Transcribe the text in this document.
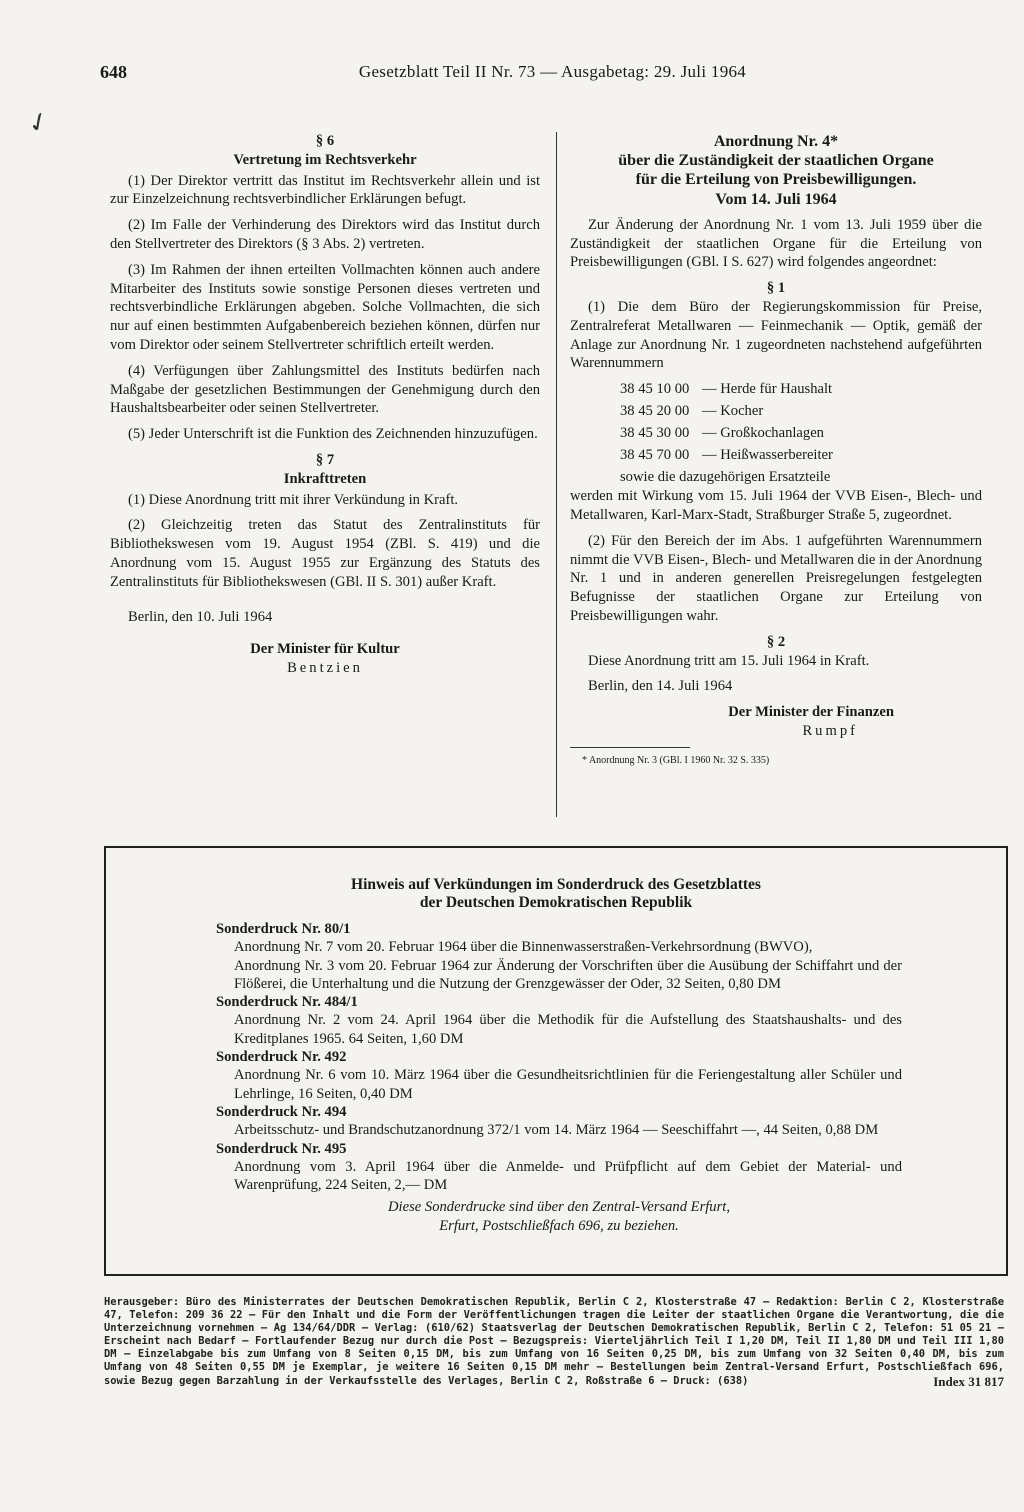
648	Gesetzblatt Teil II Nr. 73 — Ausgabetag: 29. Juli 1964
✓

§ 6

Vertretung im Rechtsverkehr

(1) Der Direktor vertritt das Institut im Rechtsverkehr allein und ist zur Einzelzeichnung rechtsverbindlicher Erklärungen befugt.

(2) Im Falle der Verhinderung des Direktors wird das Institut durch den Stellvertreter des Direktors (§ 3 Abs. 2) vertreten.

(3) Im Rahmen der ihnen erteilten Vollmachten können auch andere Mitarbeiter des Instituts sowie sonstige Personen dieses vertreten und rechtsverbindliche Erklärungen abgeben. Solche Vollmachten, die sich nur auf einen bestimmten Aufgabenbereich beziehen können, dürfen nur vom Direktor oder seinem Stellvertreter schriftlich erteilt werden.

(4) Verfügungen über Zahlungsmittel des Instituts bedürfen nach Maßgabe der gesetzlichen Bestimmungen der Genehmigung durch den Haushaltsbearbeiter oder seinen Stellvertreter.

(5) Jeder Unterschrift ist die Funktion des Zeichnenden hinzuzufügen.

§ 7

Inkrafttreten

(1) Diese Anordnung tritt mit ihrer Verkündung in Kraft.

(2) Gleichzeitig treten das Statut des Zentralinstituts für Bibliothekswesen vom 19. August 1954 (ZBl. S. 419) und die Anordnung vom 15. August 1955 zur Ergänzung des Statuts des Zentralinstituts für Bibliothekswesen (GBl. II S. 301) außer Kraft.

Berlin, den 10. Juli 1964

Der Minister für Kultur

Bentzien

Anordnung Nr. 4*

über die Zuständigkeit der staatlichen Organe

für die Erteilung von Preisbewilligungen.

Vom 14. Juli 1964

Zur Änderung der Anordnung Nr. 1 vom 13. Juli 1959 über die Zuständigkeit der staatlichen Organe für die Erteilung von Preisbewilligungen (GBl. I S. 627) wird folgendes angeordnet:

§ 1

(1) Die dem Büro der Regierungskommission für Preise, Zentralreferat Metallwaren — Feinmechanik — Optik, gemäß der Anlage zur Anordnung Nr. 1 zugeordneten nachstehend aufgeführten Warennummern

38 45 10 00 — Herde für Haushalt
38 45 20 00 — Kocher
38 45 30 00 — Großkochanlagen
38 45 70 00 — Heißwasserbereiter

sowie die dazugehörigen Ersatzteile

werden mit Wirkung vom 15. Juli 1964 der VVB Eisen-, Blech- und Metallwaren, Karl-Marx-Stadt, Straßburger Straße 5, zugeordnet.

(2) Für den Bereich der im Abs. 1 aufgeführten Warennummern nimmt die VVB Eisen-, Blech- und Metallwaren die in der Anordnung Nr. 1 und in anderen generellen Preisregelungen festgelegten Befugnisse der staatlichen Organe zur Erteilung von Preisbewilligungen wahr.

§ 2

Diese Anordnung tritt am 15. Juli 1964 in Kraft.

Berlin, den 14. Juli 1964

Der Minister der Finanzen

Rumpf

* Anordnung Nr. 3 (GBl. I 1960 Nr. 32 S. 335)

Hinweis auf Verkündungen im Sonderdruck des Gesetzblattes
der Deutschen Demokratischen Republik

Sonderdruck Nr. 80/1

Anordnung Nr. 7 vom 20. Februar 1964 über die Binnenwasserstraßen-Verkehrsordnung (BWVO),

Anordnung Nr. 3 vom 20. Februar 1964 zur Änderung der Vorschriften über die Ausübung der Schiffahrt und der Flößerei, die Unterhaltung und die Nutzung der Grenzgewässer der Oder, 32 Seiten, 0,80 DM

Sonderdruck Nr. 484/1

Anordnung Nr. 2 vom 24. April 1964 über die Methodik für die Aufstellung des Staatshaushalts- und des Kreditplanes 1965. 64 Seiten, 1,60 DM

Sonderdruck Nr. 492

Anordnung Nr. 6 vom 10. März 1964 über die Gesundheitsrichtlinien für die Feriengestaltung aller Schüler und Lehrlinge, 16 Seiten, 0,40 DM

Sonderdruck Nr. 494

Arbeitsschutz- und Brandschutzanordnung 372/1 vom 14. März 1964 — Seeschiffahrt —, 44 Seiten, 0,88 DM

Sonderdruck Nr. 495

Anordnung vom 3. April 1964 über die Anmelde- und Prüfpflicht auf dem Gebiet der Material- und Warenprüfung, 224 Seiten, 2,— DM

Diese Sonderdrucke sind über den Zentral-Versand Erfurt,
Erfurt, Postschließfach 696, zu beziehen.
Herausgeber: Büro des Ministerrates der Deutschen Demokratischen Republik, Berlin C 2, Klosterstraße 47 – Redaktion: Berlin C 2, Klosterstraße 47, Telefon: 209 36 22 – Für den Inhalt und die Form der Veröffentlichungen tragen die Leiter der staatlichen Organe die Verantwortung, die die Unterzeichnung vornehmen – Ag 134/64/DDR – Verlag: (610/62) Staatsverlag der Deutschen Demokratischen Republik, Berlin C 2, Telefon: 51 05 21 – Erscheint nach Bedarf – Fortlaufender Bezug nur durch die Post – Bezugspreis: Vierteljährlich Teil I 1,20 DM, Teil II 1,80 DM und Teil III 1,80 DM – Einzelabgabe bis zum Umfang von 8 Seiten 0,15 DM, bis zum Umfang von 16 Seiten 0,25 DM, bis zum Umfang von 32 Seiten 0,40 DM, bis zum Umfang von 48 Seiten 0,55 DM je Exemplar, je weitere 16 Seiten 0,15 DM mehr – Bestellungen beim Zentral-Versand Erfurt, Postschließfach 696, sowie Bezug gegen Barzahlung in der Verkaufsstelle des Verlages, Berlin C 2, Roßstraße 6 – Druck: (638)	Index 31 817
